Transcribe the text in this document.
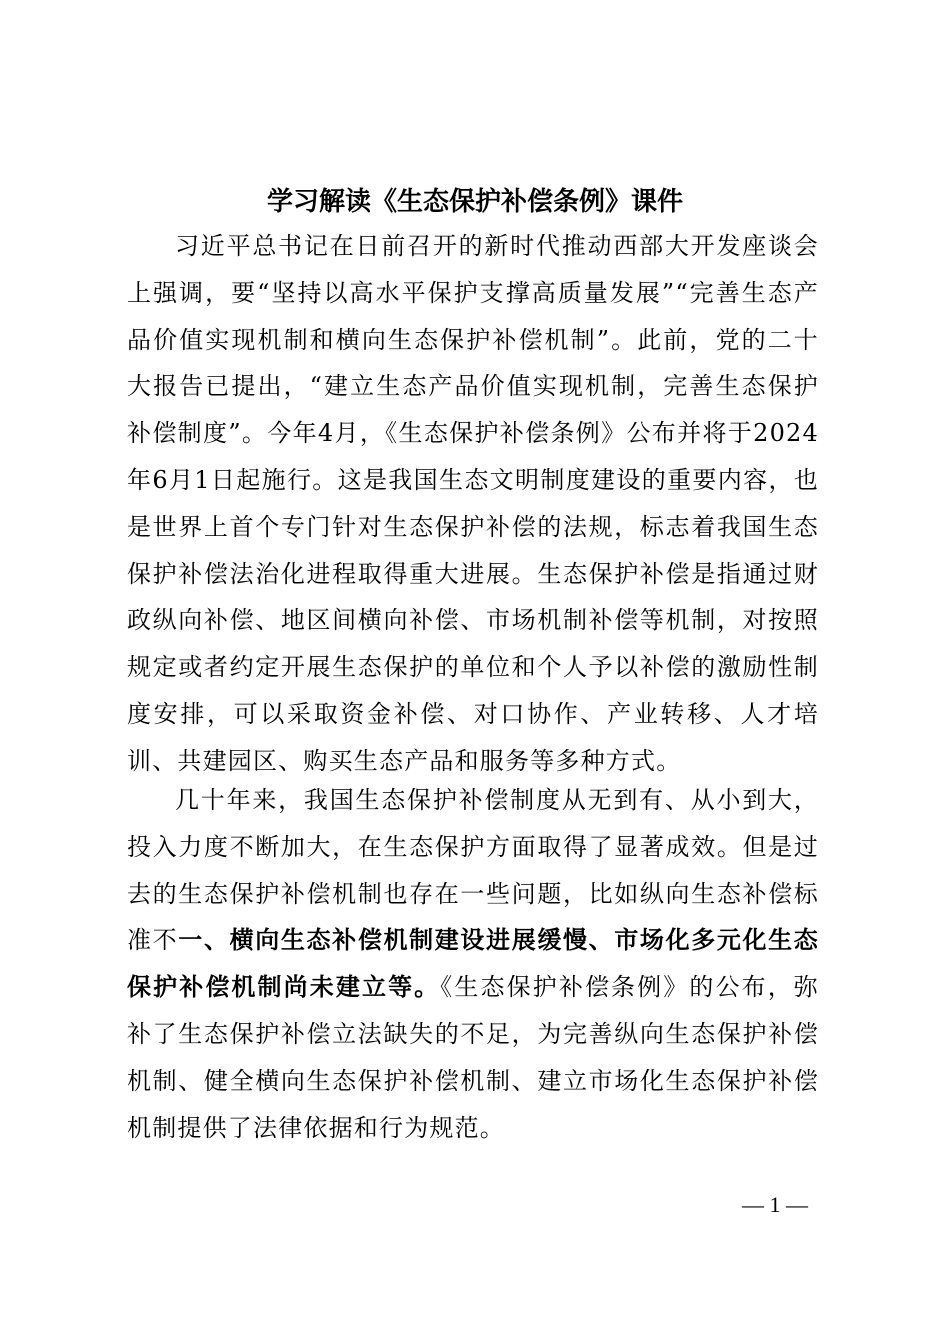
学习解读《生态保护补偿条例》课件

习近平总书记在日前召开的新时代推动西部大开发座谈会上强调，要“坚持以高水平保护支撑高质量发展”“完善生态产品价值实现机制和横向生态保护补偿机制”。此前，党的二十大报告已提出，“建立生态产品价值实现机制，完善生态保护补偿制度”。今年4月，《生态保护补偿条例》公布并将于2024年6月1日起施行。这是我国生态文明制度建设的重要内容，也是世界上首个专门针对生态保护补偿的法规，标志着我国生态保护补偿法治化进程取得重大进展。生态保护补偿是指通过财政纵向补偿、地区间横向补偿、市场机制补偿等机制，对按照规定或者约定开展生态保护的单位和个人予以补偿的激励性制度安排，可以采取资金补偿、对口协作、产业转移、人才培训、共建园区、购买生态产品和服务等多种方式。

几十年来，我国生态保护补偿制度从无到有、从小到大，投入力度不断加大，在生态保护方面取得了显著成效。但是过去的生态保护补偿机制也存在一些问题，比如纵向生态补偿标准不一、横向生态补偿机制建设进展缓慢、市场化多元化生态保护补偿机制尚未建立等。《生态保护补偿条例》的公布，弥补了生态保护补偿立法缺失的不足，为完善纵向生态保护补偿机制、健全横向生态保护补偿机制、建立市场化生态保护补偿机制提供了法律依据和行为规范。

— 1 —
